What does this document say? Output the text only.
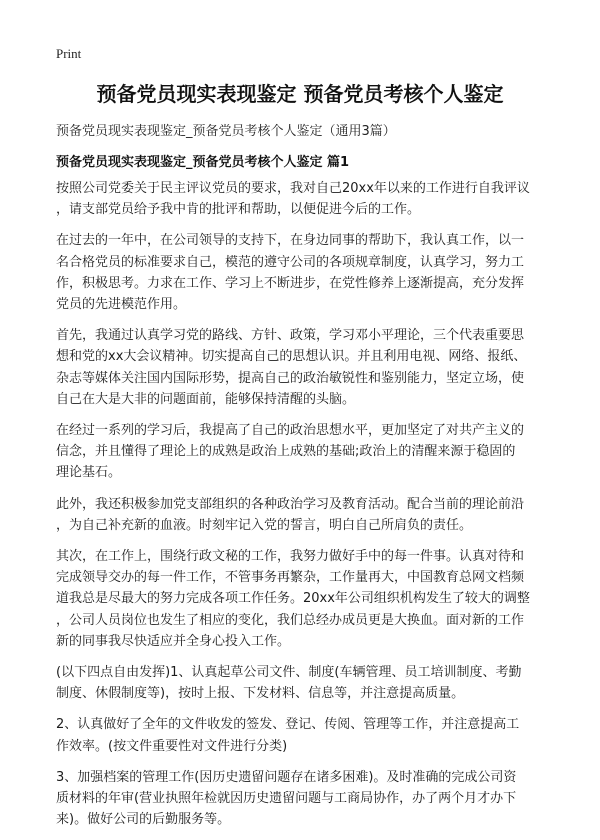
Print
预备党员现实表现鉴定 预备党员考核个人鉴定
预备党员现实表现鉴定_预备党员考核个人鉴定（通用3篇）
预备党员现实表现鉴定_预备党员考核个人鉴定 篇1

按照公司党委关于民主评议党员的要求，我对自己20xx年以来的工作进行自我评议
，请支部党员给予我中肯的批评和帮助，以便促进今后的工作。

在过去的一年中，在公司领导的支持下，在身边同事的帮助下，我认真工作，以一
名合格党员的标准要求自己，模范的遵守公司的各项规章制度，认真学习，努力工
作，积极思考。力求在工作、学习上不断进步，在党性修养上逐渐提高，充分发挥
党员的先进模范作用。

首先，我通过认真学习党的路线、方针、政策，学习邓小平理论，三个代表重要思
想和党的xx大会议精神。切实提高自己的思想认识。并且利用电视、网络、报纸、
杂志等媒体关注国内国际形势，提高自己的政治敏锐性和鉴别能力，坚定立场，使
自己在大是大非的问题面前，能够保持清醒的头脑。

在经过一系列的学习后，我提高了自己的政治思想水平，更加坚定了对共产主义的
信念，并且懂得了理论上的成熟是政治上成熟的基础;政治上的清醒来源于稳固的
理论基石。

此外，我还积极参加党支部组织的各种政治学习及教育活动。配合当前的理论前沿
，为自己补充新的血液。时刻牢记入党的誓言，明白自己所肩负的责任。

其次，在工作上，围绕行政文秘的工作，我努力做好手中的每一件事。认真对待和
完成领导交办的每一件工作，不管事务再繁杂，工作量再大，中国教育总网文档频
道我总是尽最大的努力完成各项工作任务。20xx年公司组织机构发生了较大的调整
，公司人员岗位也发生了相应的变化，我们总经办成员更是大换血。面对新的工作
新的同事我尽快适应并全身心投入工作。

(以下四点自由发挥)1、认真起草公司文件、制度(车辆管理、员工培训制度、考勤
制度、休假制度等)，按时上报、下发材料、信息等，并注意提高质量。

2、认真做好了全年的文件收发的签发、登记、传阅、管理等工作，并注意提高工
作效率。(按文件重要性对文件进行分类)

3、加强档案的管理工作(因历史遗留问题存在诸多困难)。及时准确的完成公司资
质材料的年审(营业执照年检就因历史遗留问题与工商局协作，办了两个月才办下
来)。做好公司的后勤服务等。
